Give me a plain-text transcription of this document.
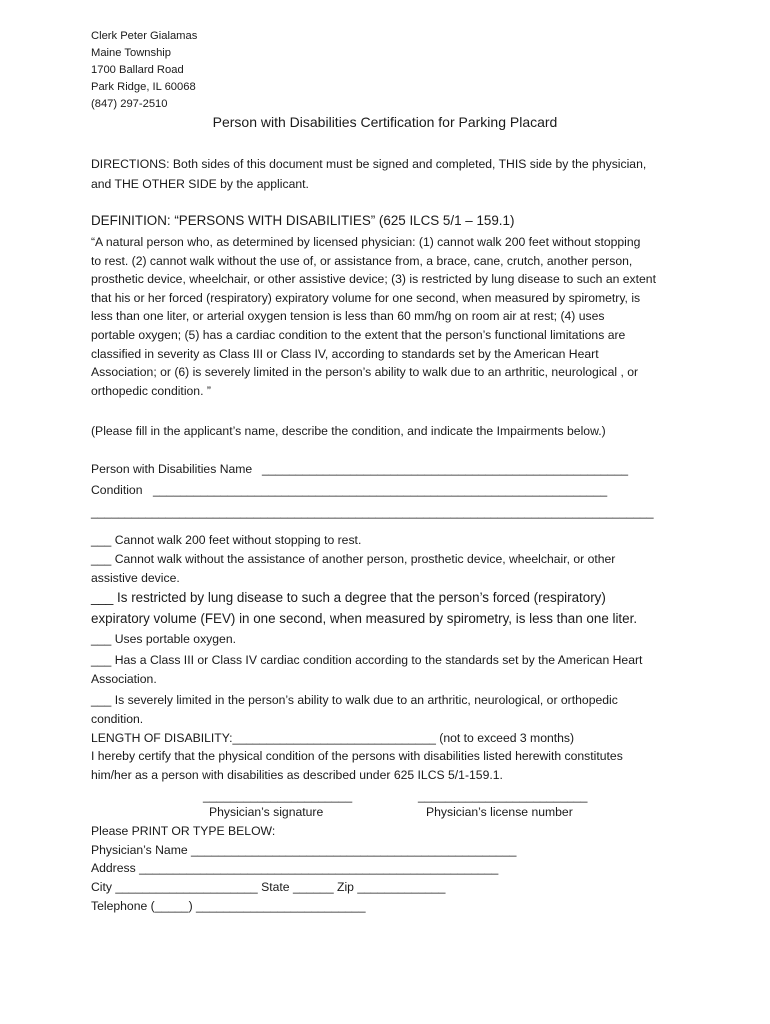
Clerk Peter Gialamas
Maine Township
1700 Ballard Road
Park Ridge, IL 60068
(847) 297-2510
Person with Disabilities Certification for Parking Placard
DIRECTIONS: Both sides of this document must be signed and completed, THIS side by the physician,
and THE OTHER SIDE by the applicant.
DEFINITION: “PERSONS WITH DISABILITIES” (625 ILCS 5/1 – 159.1)
“A natural person who, as determined by licensed physician: (1) cannot walk 200 feet without stopping
to rest. (2) cannot walk without the use of, or assistance from, a brace, cane, crutch, another person,
prosthetic device, wheelchair, or other assistive device; (3) is restricted by lung disease to such an extent
that his or her forced (respiratory) expiratory volume for one second, when measured by spirometry, is
less than one liter, or arterial oxygen tension is less than 60 mm/hg on room air at rest; (4) uses
portable oxygen; (5) has a cardiac condition to the extent that the person’s functional limitations are
classified in severity as Class III or Class IV, according to standards set by the American Heart
Association; or (6) is severely limited in the person’s ability to walk due to an arthritic, neurological , or
orthopedic condition. ”
(Please fill in the applicant’s name, describe the condition, and indicate the Impairments below.)
Person with Disabilities Name ______________________________________________________
Condition ___________________________________________________________________
___________________________________________________________________________________
___ Cannot walk 200 feet without stopping to rest.
___ Cannot walk without the assistance of another person, prosthetic device, wheelchair, or other
assistive device.
___ Is restricted by lung disease to such a degree that the person’s forced (respiratory)
expiratory volume (FEV) in one second, when measured by spirometry, is less than one liter.
___ Uses portable oxygen.
___ Has a Class III or Class IV cardiac condition according to the standards set by the American Heart
Association.
___ Is severely limited in the person’s ability to walk due to an arthritic, neurological, or orthopedic
condition.
LENGTH OF DISABILITY:______________________________ (not to exceed 3 months)
I hereby certify that the physical condition of the persons with disabilities listed herewith constitutes
him/her as a person with disabilities as described under 625 ILCS 5/1-159.1.
______________________
Physician’s signature
_________________________
Physician’s license number
Please PRINT OR TYPE BELOW:
Physician’s Name ________________________________________________
Address _____________________________________________________
City _____________________ State ______ Zip _____________
Telephone (_____) _________________________
